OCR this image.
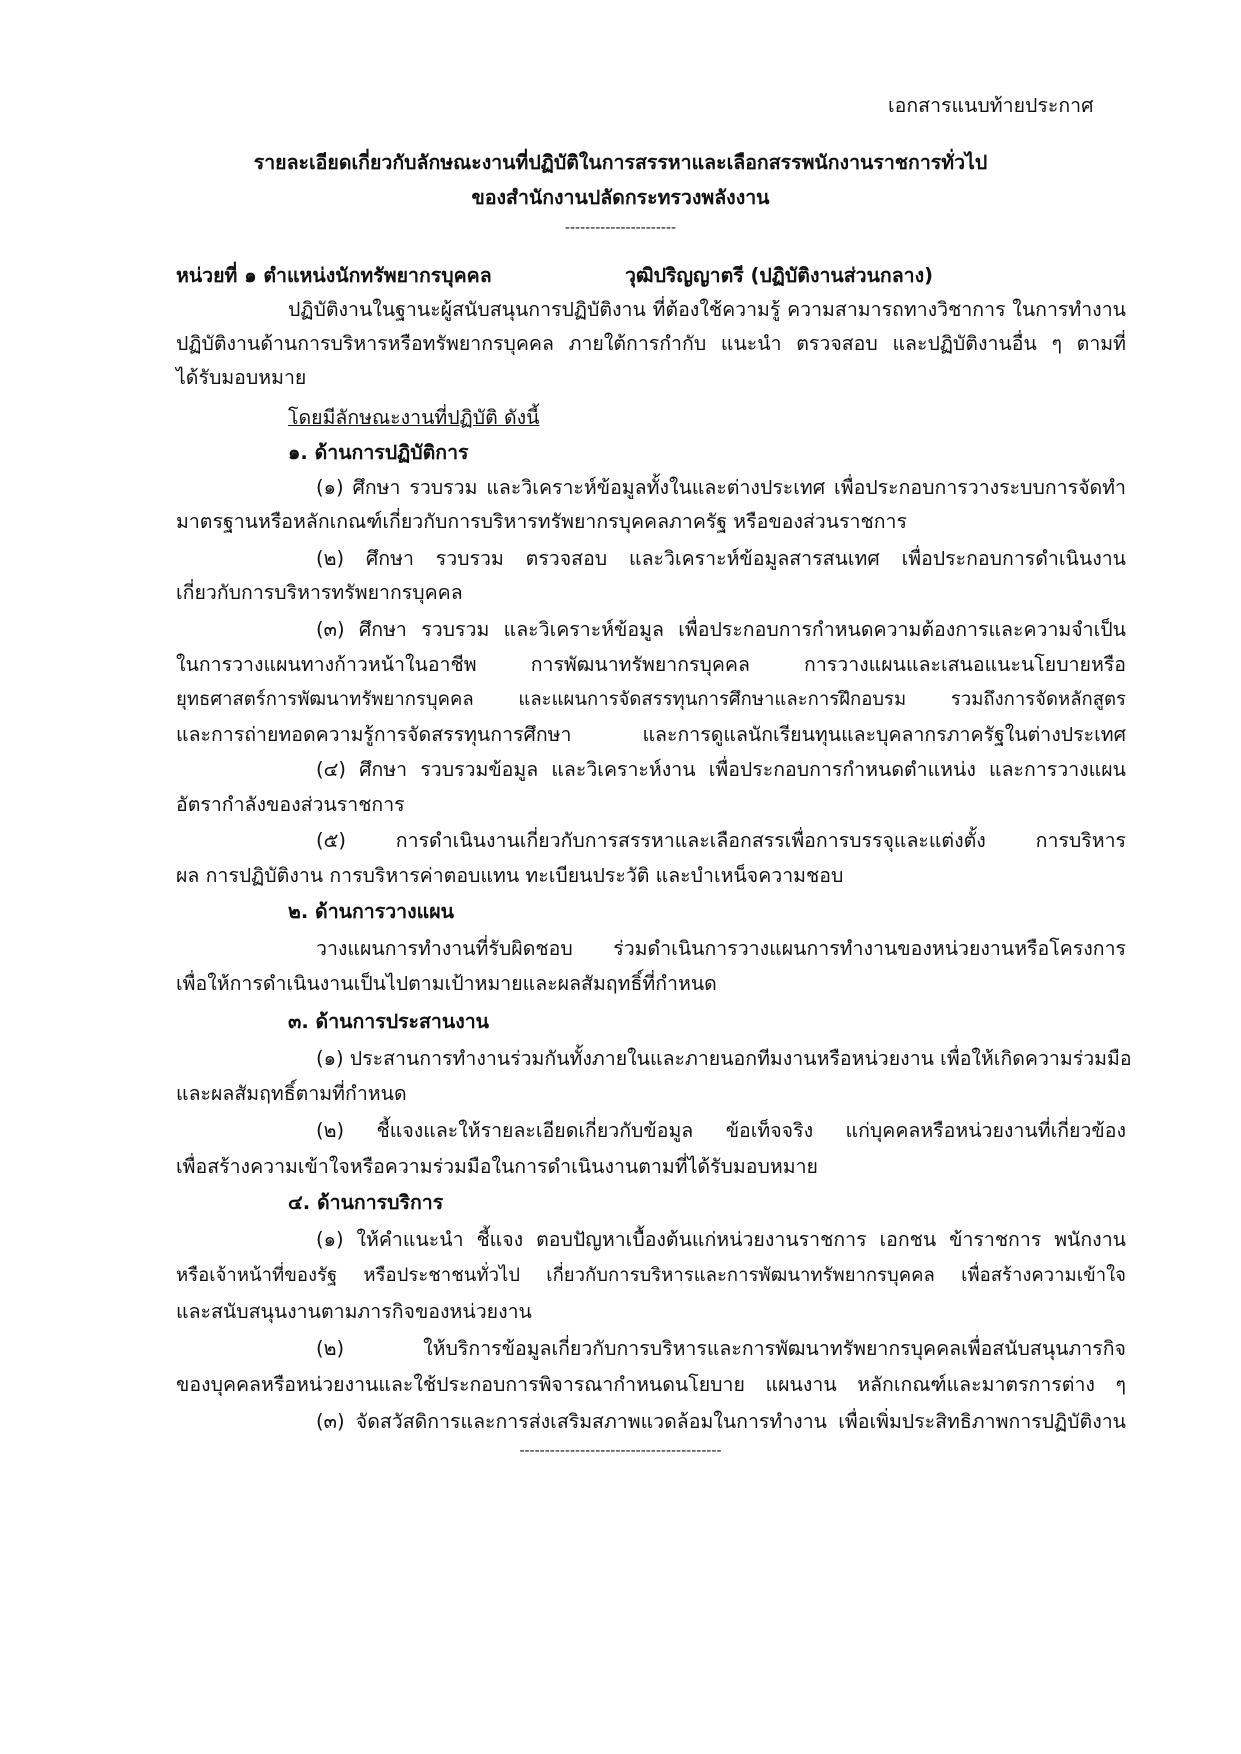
เอกสารแนบท้ายประกาศ
รายละเอียดเกี่ยวกับลักษณะงานที่ปฏิบัติในการสรรหาและเลือกสรรพนักงานราชการทั่วไป
ของสำนักงานปลัดกระทรวงพลังงาน
----------------------
หน่วยที่ ๑ ตำแหน่งนักทรัพยากรบุคคล	วุฒิปริญญาตรี (ปฏิบัติงานส่วนกลาง)
ปฏิบัติงานในฐานะผู้สนับสนุนการปฏิบัติงาน ที่ต้องใช้ความรู้ ความสามารถทางวิชาการ ในการทำงาน
ปฏิบัติงานด้านการบริหารหรือทรัพยากรบุคคล ภายใต้การกำกับ แนะนำ ตรวจสอบ และปฏิบัติงานอื่น ๆ ตามที่
ได้รับมอบหมาย
โดยมีลักษณะงานที่ปฏิบัติ ดังนี้
๑. ด้านการปฏิบัติการ
(๑) ศึกษา รวบรวม และวิเคราะห์ข้อมูลทั้งในและต่างประเทศ เพื่อประกอบการวางระบบการจัดทำ
มาตรฐานหรือหลักเกณฑ์เกี่ยวกับการบริหารทรัพยากรบุคคลภาครัฐ หรือของส่วนราชการ
(๒) ศึกษา รวบรวม ตรวจสอบ และวิเคราะห์ข้อมูลสารสนเทศ เพื่อประกอบการดำเนินงาน
เกี่ยวกับการบริหารทรัพยากรบุคคล
(๓) ศึกษา รวบรวม และวิเคราะห์ข้อมูล เพื่อประกอบการกำหนดความต้องการและความจำเป็น
ในการวางแผนทางก้าวหน้าในอาชีพ การพัฒนาทรัพยากรบุคคล การวางแผนและเสนอแนะนโยบายหรือ
ยุทธศาสตร์การพัฒนาทรัพยากรบุคคล และแผนการจัดสรรทุนการศึกษาและการฝึกอบรม รวมถึงการจัดหลักสูตร
และการถ่ายทอดความรู้การจัดสรรทุนการศึกษา และการดูแลนักเรียนทุนและบุคลากรภาครัฐในต่างประเทศ
(๔) ศึกษา รวบรวมข้อมูล และวิเคราะห์งาน เพื่อประกอบการกำหนดตำแหน่ง และการวางแผน
อัตรากำลังของส่วนราชการ
(๕) การดำเนินงานเกี่ยวกับการสรรหาและเลือกสรรเพื่อการบรรจุและแต่งตั้ง การบริหาร
ผล การปฏิบัติงาน การบริหารค่าตอบแทน ทะเบียนประวัติ และบำเหน็จความชอบ
๒. ด้านการวางแผน
วางแผนการทำงานที่รับผิดชอบ ร่วมดำเนินการวางแผนการทำงานของหน่วยงานหรือโครงการ
เพื่อให้การดำเนินงานเป็นไปตามเป้าหมายและผลสัมฤทธิ์ที่กำหนด
๓. ด้านการประสานงาน
(๑) ประสานการทำงานร่วมกันทั้งภายในและภายนอกทีมงานหรือหน่วยงาน เพื่อให้เกิดความร่วมมือ
และผลสัมฤทธิ์ตามที่กำหนด
(๒) ชี้แจงและให้รายละเอียดเกี่ยวกับข้อมูล ข้อเท็จจริง แก่บุคคลหรือหน่วยงานที่เกี่ยวข้อง
เพื่อสร้างความเข้าใจหรือความร่วมมือในการดำเนินงานตามที่ได้รับมอบหมาย
๔. ด้านการบริการ
(๑) ให้คำแนะนำ ชี้แจง ตอบปัญหาเบื้องต้นแก่หน่วยงานราชการ เอกชน ข้าราชการ พนักงาน
หรือเจ้าหน้าที่ของรัฐ หรือประชาชนทั่วไป เกี่ยวกับการบริหารและการพัฒนาทรัพยากรบุคคล เพื่อสร้างความเข้าใจ
และสนับสนุนงานตามภารกิจของหน่วยงาน
(๒) ให้บริการข้อมูลเกี่ยวกับการบริหารและการพัฒนาทรัพยากรบุคคลเพื่อสนับสนุนภารกิจ
ของบุคคลหรือหน่วยงานและใช้ประกอบการพิจารณากำหนดนโยบาย แผนงาน หลักเกณฑ์และมาตรการต่าง ๆ
(๓) จัดสวัสดิการและการส่งเสริมสภาพแวดล้อมในการทำงาน เพื่อเพิ่มประสิทธิภาพการปฏิบัติงาน
----------------------------------------
